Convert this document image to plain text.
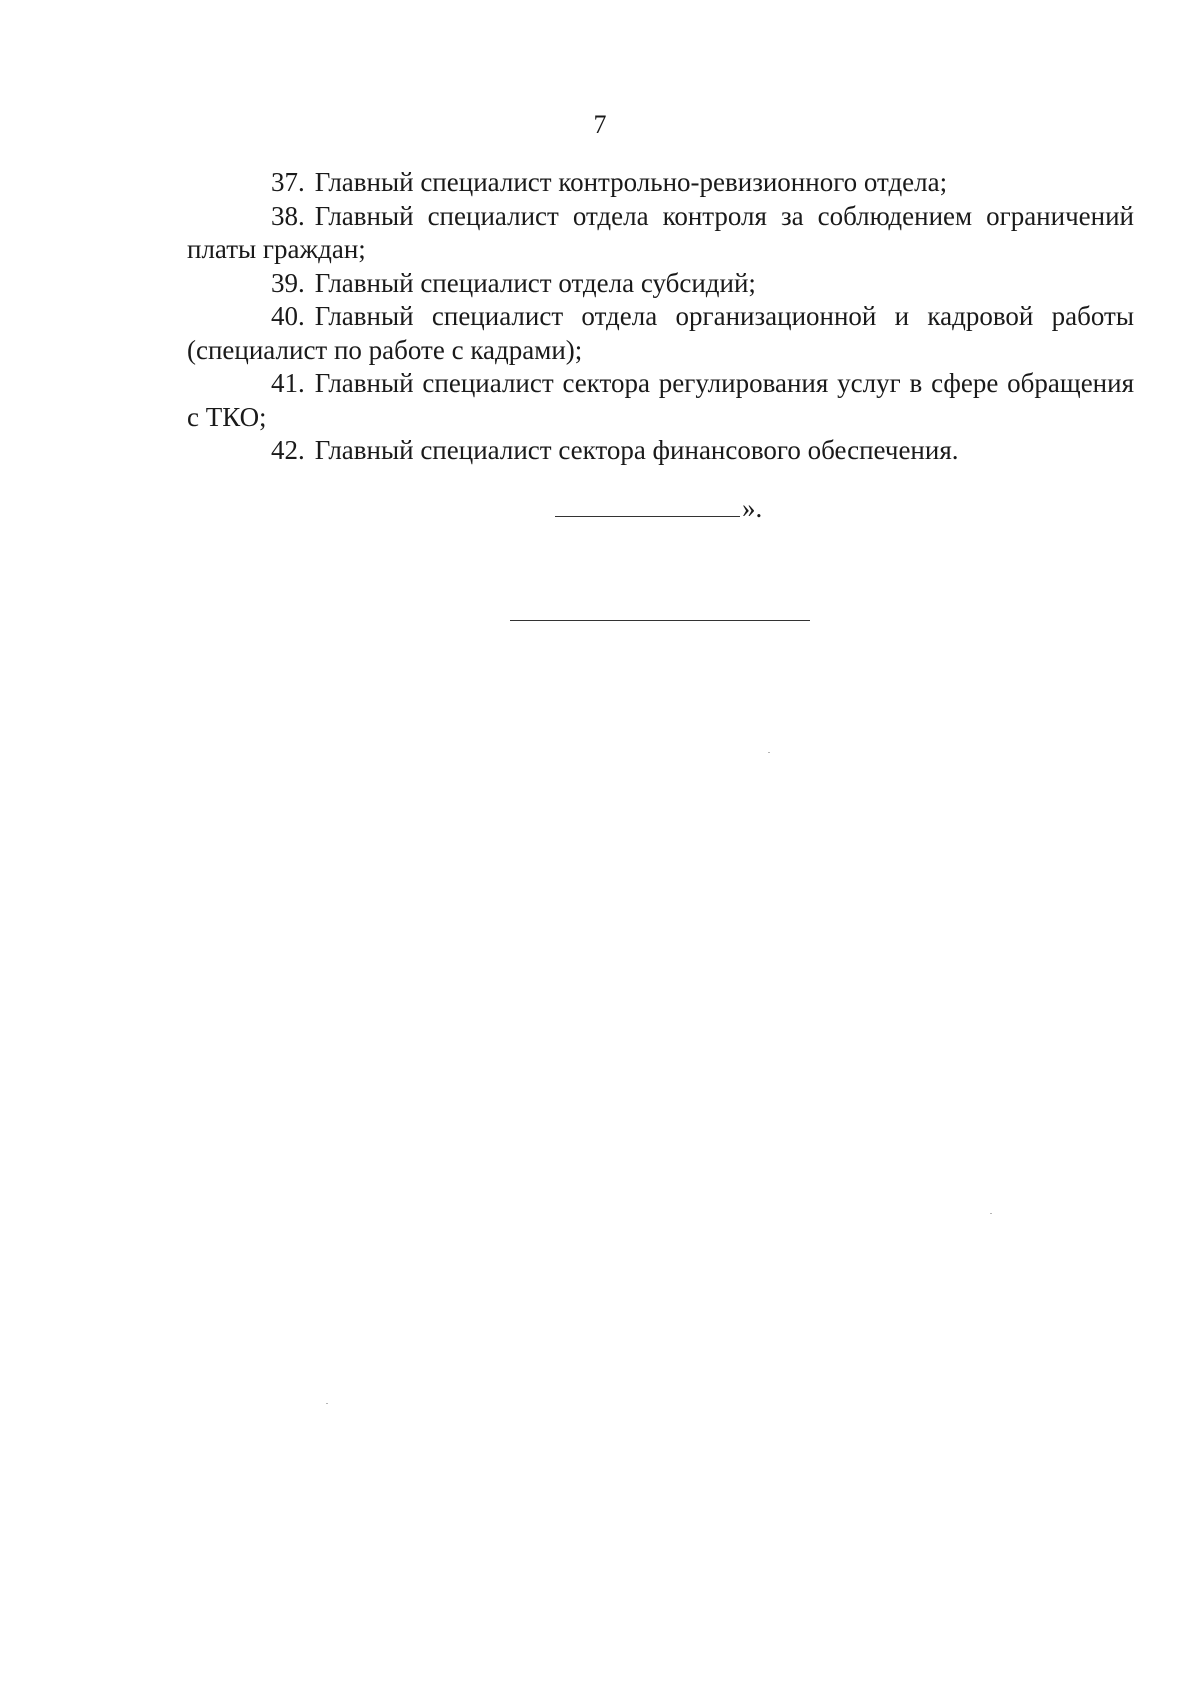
7

37. Главный специалист контрольно-ревизионного отдела;

38. Главный специалист отдела контроля за соблюдением ограничений платы граждан;

39. Главный специалист отдела субсидий;

40. Главный специалист отдела организационной и кадровой работы (специалист по работе с кадрами);

41. Главный специалист сектора регулирования услуг в сфере обращения с ТКО;

42. Главный специалист сектора финансового обеспечения.

».
